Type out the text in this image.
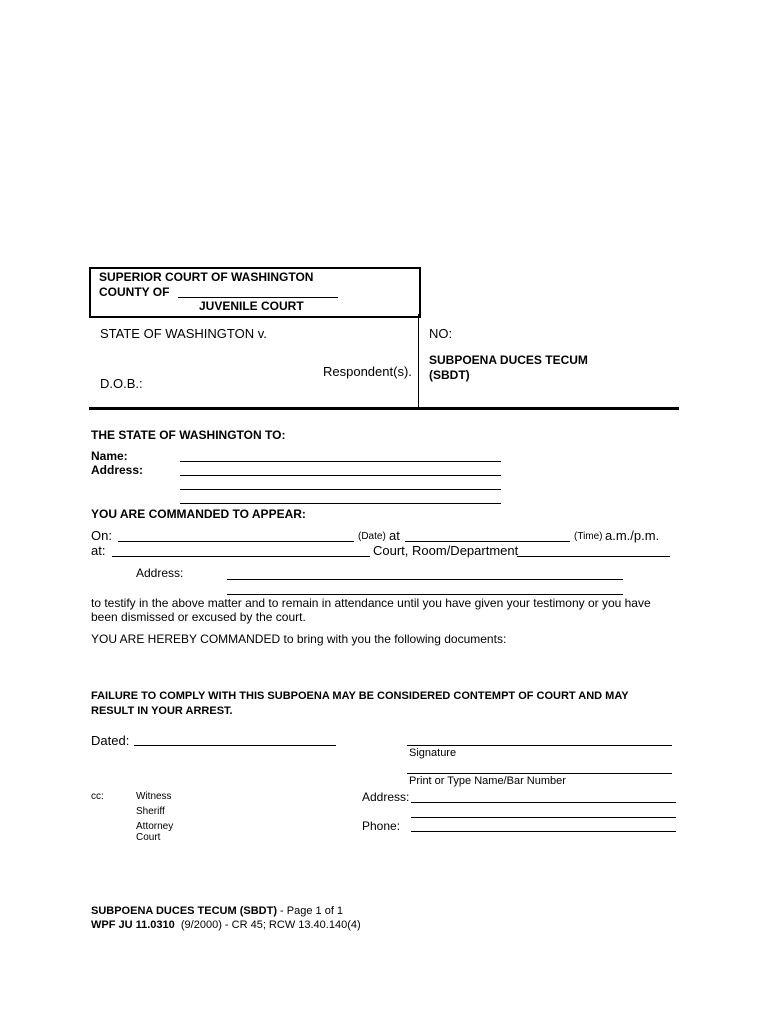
SUPERIOR COURT OF WASHINGTON
COUNTY OF
JUVENILE COURT
STATE OF WASHINGTON v.
Respondent(s).
D.O.B.:
NO:
SUBPOENA DUCES TECUM
(SBDT)
THE STATE OF WASHINGTON TO:
Name:
Address:
YOU ARE COMMANDED TO APPEAR:
On:	(Date) at	(Time) a.m./p.m.
at:	Court, Room/Department
Address:
to testify in the above matter and to remain in attendance until you have given your testimony or you have
been dismissed or excused by the court.
YOU ARE HEREBY COMMANDED to bring with you the following documents:
FAILURE TO COMPLY WITH THIS SUBPOENA MAY BE CONSIDERED CONTEMPT OF COURT AND MAY
RESULT IN YOUR ARREST.
Dated:
Signature
Print or Type Name/Bar Number
Address:
Phone:
cc:	Witness
Sheriff
Attorney
Court
SUBPOENA DUCES TECUM (SBDT) - Page 1 of 1
WPF JU 11.0310  (9/2000) - CR 45; RCW 13.40.140(4)
